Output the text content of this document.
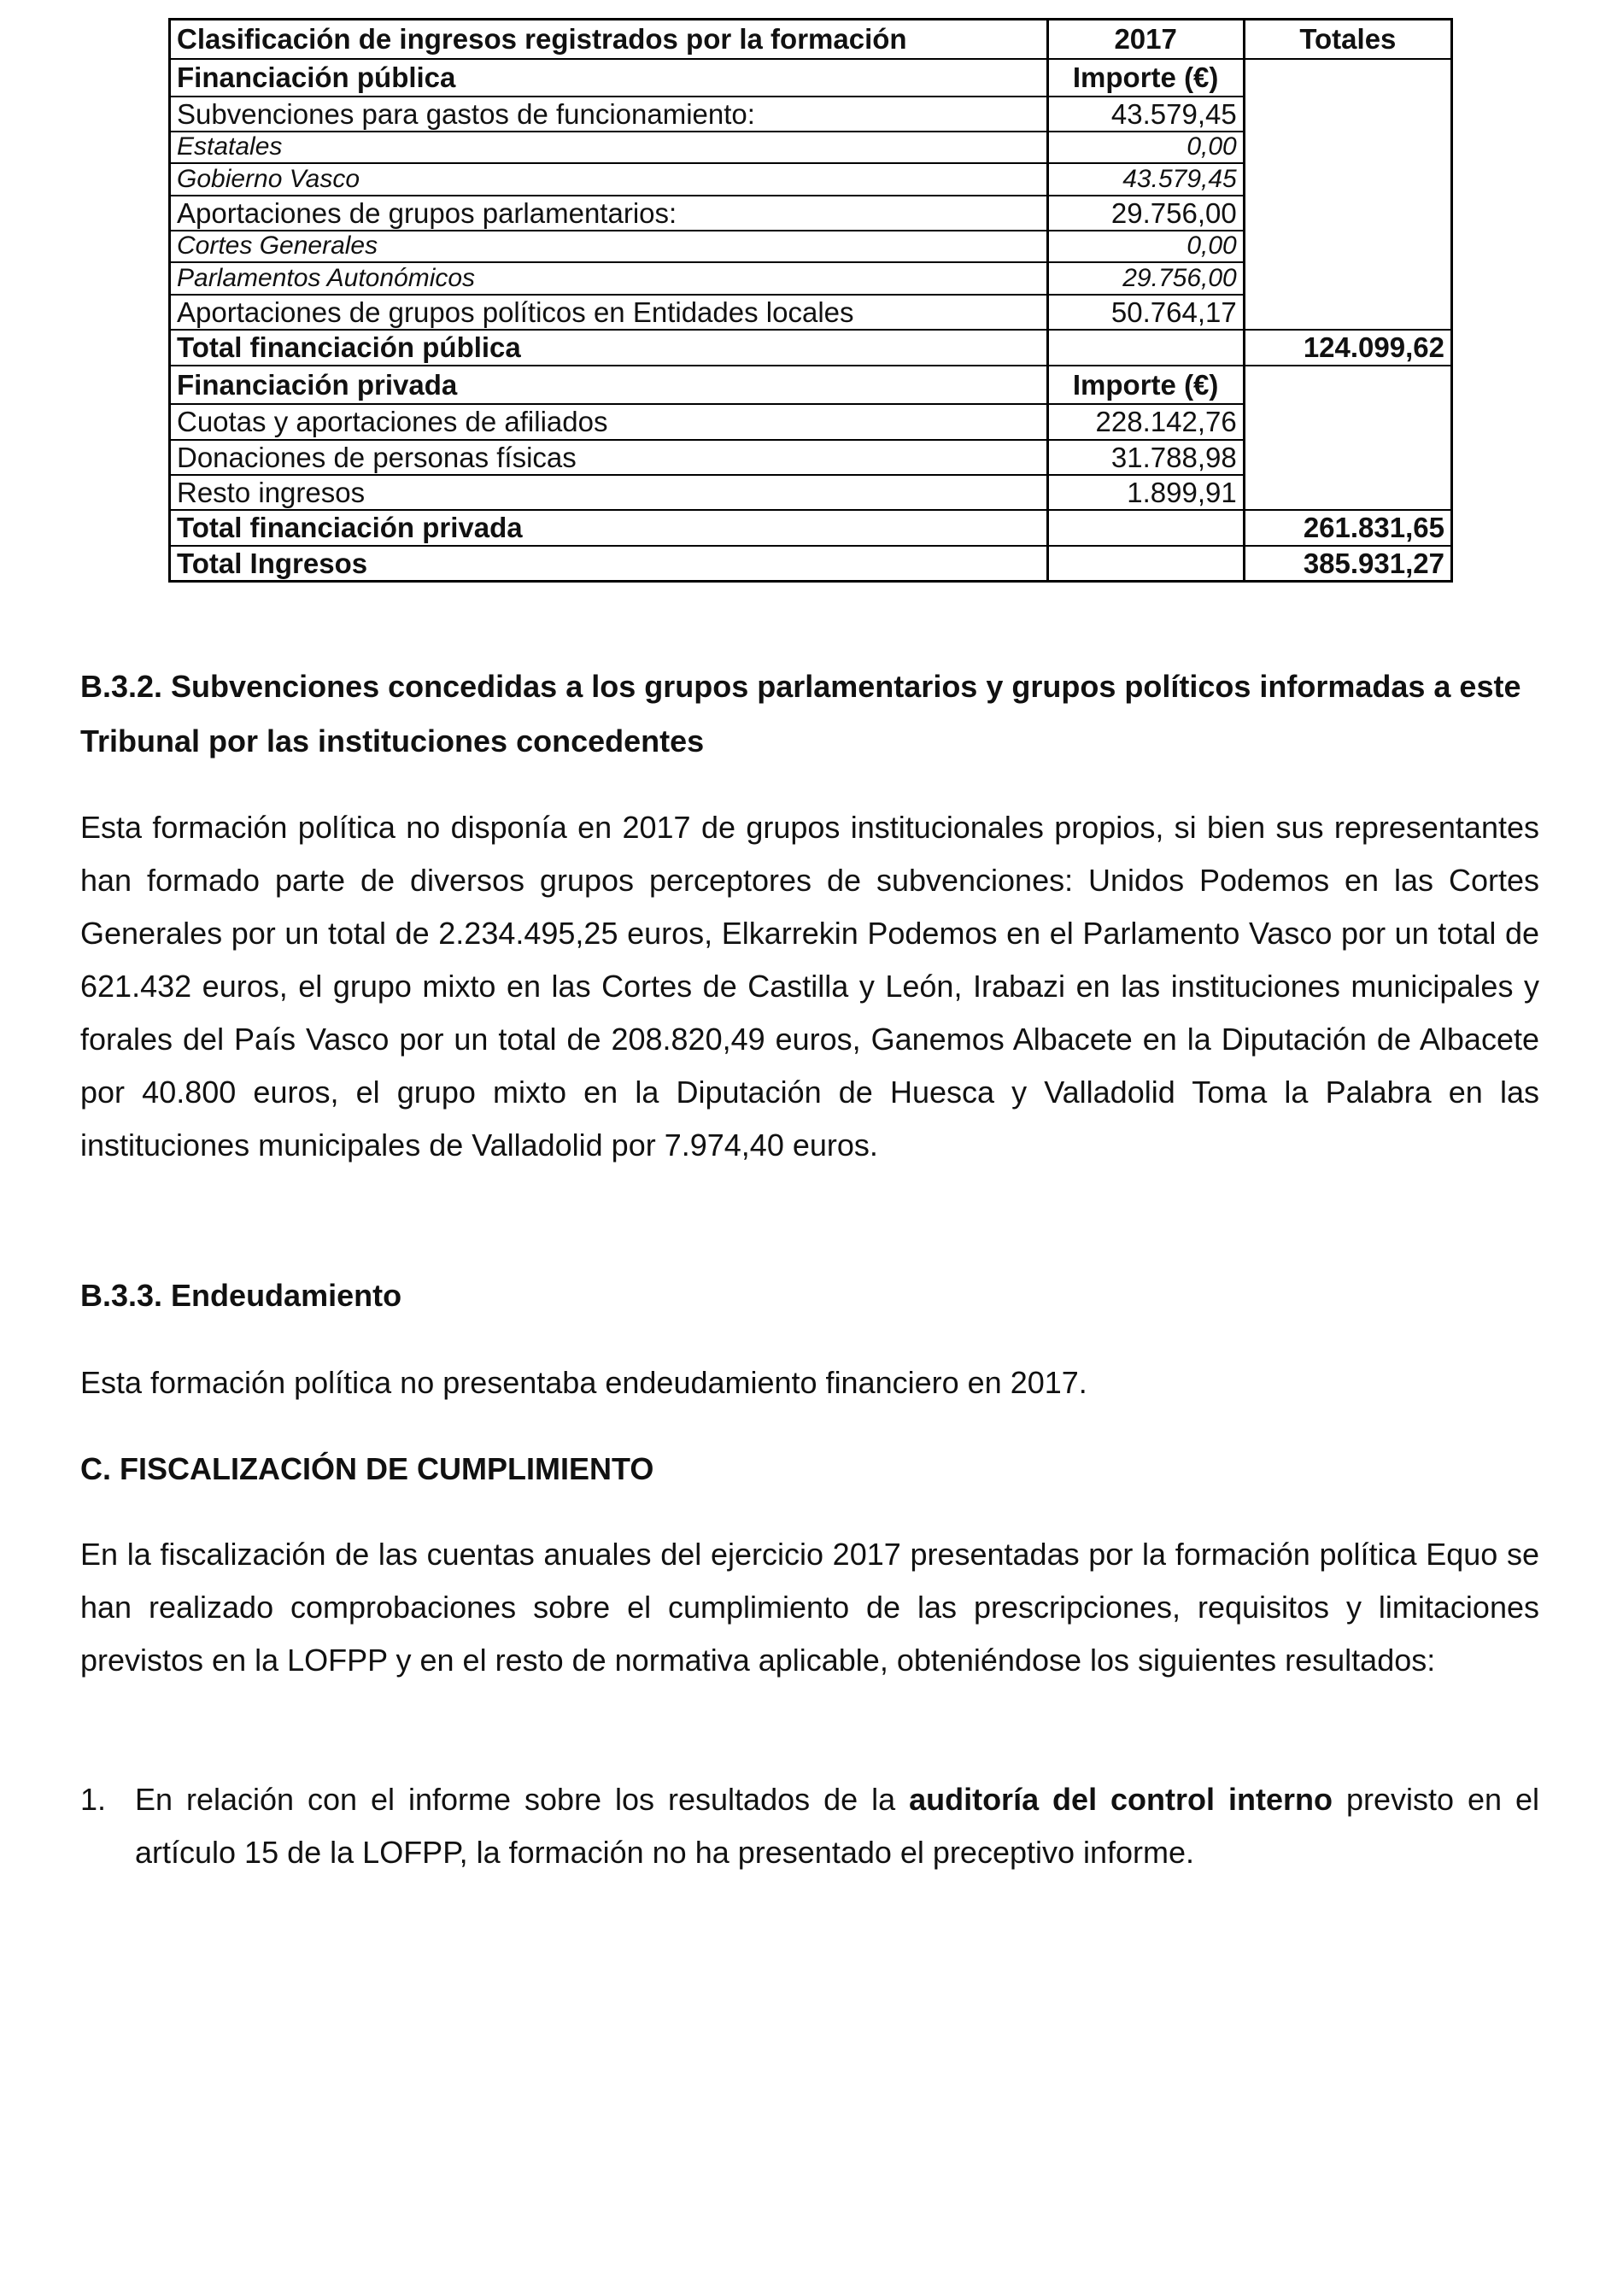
Clasificación de ingresos registrados por la formación	2017	Totales
Financiación pública	Importe (€)	
Subvenciones para gastos de funcionamiento:	43.579,45	
Estatales	0,00	
Gobierno Vasco	43.579,45	
Aportaciones de grupos parlamentarios:	29.756,00	
Cortes Generales	0,00	
Parlamentos Autonómicos	29.756,00	
Aportaciones de grupos políticos en Entidades locales	50.764,17	
Total financiación pública		124.099,62
Financiación privada	Importe (€)	
Cuotas y aportaciones de afiliados	228.142,76	
Donaciones de personas físicas	31.788,98	
Resto ingresos	1.899,91	
Total financiación privada		261.831,65
Total Ingresos		385.931,27
B.3.2. Subvenciones concedidas a los grupos parlamentarios y grupos políticos informadas a este Tribunal por las instituciones concedentes
Esta formación política no disponía en 2017 de grupos institucionales propios, si bien sus representantes han formado parte de diversos grupos perceptores de subvenciones: Unidos Podemos en las Cortes Generales por un total de 2.234.495,25 euros, Elkarrekin Podemos en el Parlamento Vasco por un total de 621.432 euros, el grupo mixto en las Cortes de Castilla y León, Irabazi en las instituciones municipales y forales del País Vasco por un total de 208.820,49 euros, Ganemos Albacete en la Diputación de Albacete por 40.800 euros, el grupo mixto en la Diputación de Huesca y Valladolid Toma la Palabra en las instituciones municipales de Valladolid por 7.974,40 euros.
B.3.3. Endeudamiento
Esta formación política no presentaba endeudamiento financiero en 2017.
C. FISCALIZACIÓN DE CUMPLIMIENTO
En la fiscalización de las cuentas anuales del ejercicio 2017 presentadas por la formación política Equo se han realizado comprobaciones sobre el cumplimiento de las prescripciones, requisitos y limitaciones previstos en la LOFPP y en el resto de normativa aplicable, obteniéndose los siguientes resultados:
1. En relación con el informe sobre los resultados de la auditoría del control interno previsto en el artículo 15 de la LOFPP, la formación no ha presentado el preceptivo informe.
